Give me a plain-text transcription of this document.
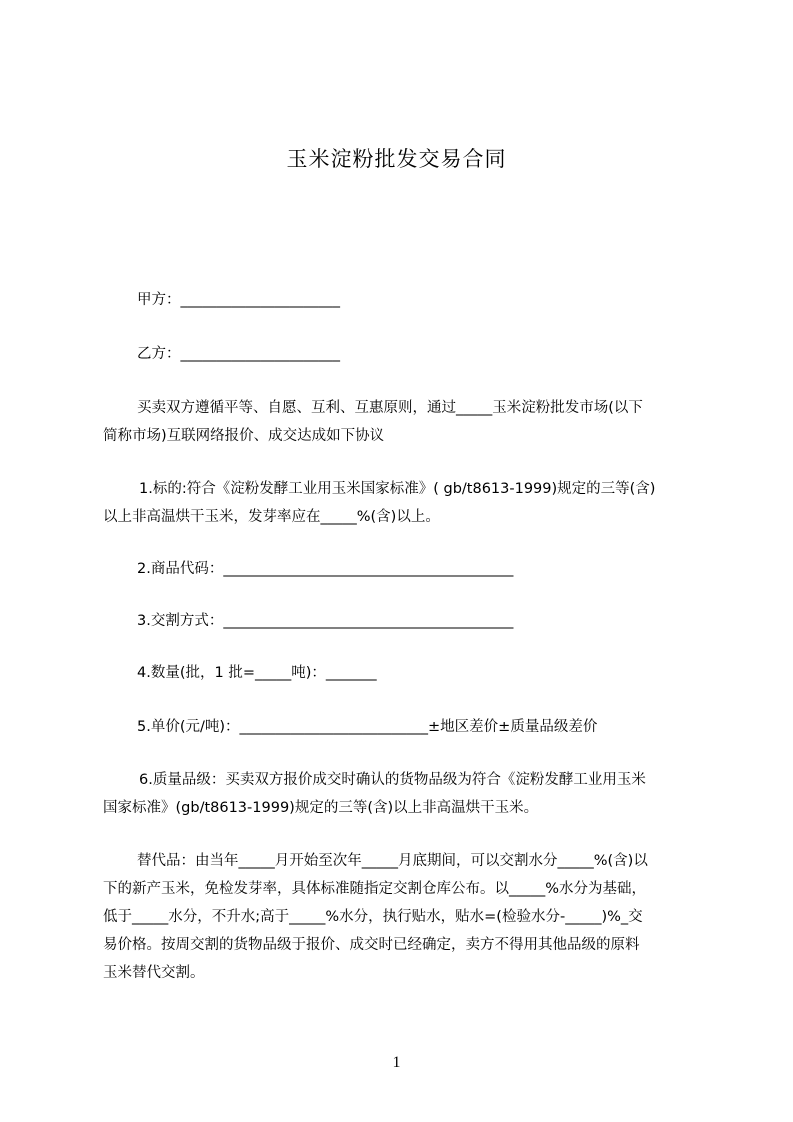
玉米淀粉批发交易合同
甲方：______________________
乙方：______________________
买卖双方遵循平等、自愿、互利、互惠原则，通过_____玉米淀粉批发市场(以下
简称市场)互联网络报价、成交达成如下协议
1.标的:符合《淀粉发酵工业用玉米国家标准》( gb/t8613-1999)规定的三等(含)
以上非高温烘干玉米，发芽率应在_____%(含)以上。
2.商品代码：________________________________________
3.交割方式：________________________________________
4.数量(批，1 批=_____吨)：_______
5.单价(元/吨)：__________________________±地区差价±质量品级差价
6.质量品级：买卖双方报价成交时确认的货物品级为符合《淀粉发酵工业用玉米
国家标准》(gb/t8613-1999)规定的三等(含)以上非高温烘干玉米。
替代品：由当年_____月开始至次年_____月底期间，可以交割水分_____%(含)以
下的新产玉米，免检发芽率，具体标准随指定交割仓库公布。以_____%水分为基础，
低于_____水分，不升水;高于_____%水分，执行贴水，贴水=(检验水分-_____)%_交
易价格。按周交割的货物品级于报价、成交时已经确定，卖方不得用其他品级的原料
玉米替代交割。
1
